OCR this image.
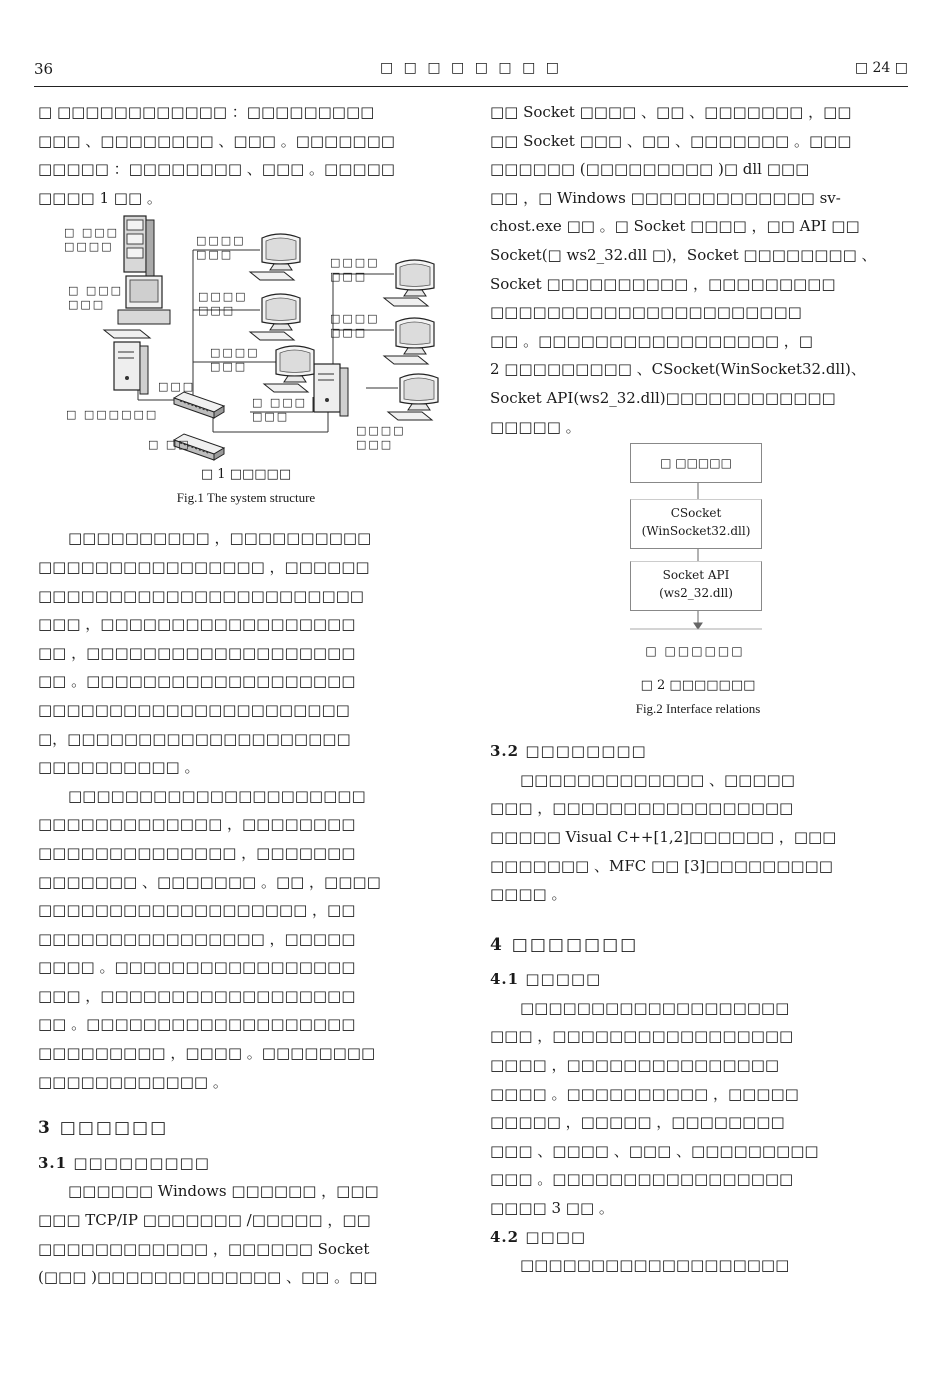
36	□ □ □ □ □ □ □ □	□ 24 □

□ □□□□□□□□□□□□ ：□□□□□□□□□
□□□ 、□□□□□□□□ 、□□□ 。□□□□□□□
□□□□□ ：□□□□□□□□ 、□□□ 。□□□□□
□□□□ 1 □□ 。

□ □□□
□□□□
□ □□□
□□□
□□□□
□□□
□□□□
□□□
□□□□
□□□
□□□□
□□□
□□□□
□□□
□ □□□
□□□
□□□□
□□□
□□□
□ □□
□ □□□□□□
□ 1 □□□□□
Fig.1 The system structure

□□□□□□□□□□ ，□□□□□□□□□□
□□□□□□□□□□□□□□□□ ，□□□□□□
□□□□□□□□□□□□□□□□□□□□□□□
□□□ ，□□□□□□□□□□□□□□□□□□
□□ ，□□□□□□□□□□□□□□□□□□□
□□ 。□□□□□□□□□□□□□□□□□□□
□□□□□□□□□□□□□□□□□□□□□□
□，□□□□□□□□□□□□□□□□□□□□
□□□□□□□□□□ 。

□□□□□□□□□□□□□□□□□□□□□
□□□□□□□□□□□□□ ，□□□□□□□□
□□□□□□□□□□□□□□ ，□□□□□□□
□□□□□□□ 、□□□□□□□ 。□□ ，□□□□
□□□□□□□□□□□□□□□□□□□ ，□□
□□□□□□□□□□□□□□□□ ，□□□□□
□□□□ 。□□□□□□□□□□□□□□□□□
□□□ ，□□□□□□□□□□□□□□□□□□
□□ 。□□□□□□□□□□□□□□□□□□□
□□□□□□□□□ ，□□□□ 。□□□□□□□□
□□□□□□□□□□□□ 。

3 □□□□□□
3.1 □□□□□□□□□

□□□□□□ Windows □□□□□□ ，□□□
□□□ TCP/IP □□□□□□□ /□□□□□ ，□□
□□□□□□□□□□□□ ，□□□□□□ Socket
(□□□ )□□□□□□□□□□□□□ 、□□ 。□□

□□ Socket □□□□ 、□□ 、□□□□□□□ ，□□
□□ Socket □□□ 、□□ 、□□□□□□□ 。□□□
□□□□□□ (□□□□□□□□□ )□ dll □□□
□□ ，□ Windows □□□□□□□□□□□□□ sv-
chost.exe □□ 。□ Socket □□□□ ，□□ API □□
Socket(□ ws2_32.dll □)，Socket □□□□□□□□ 、
Socket □□□□□□□□□□ ，□□□□□□□□□
□□□□□□□□□□□□□□□□□□□□□□
□□ 。□□□□□□□□□□□□□□□□□ ，□
2 □□□□□□□□□ 、CSocket(WinSocket32.dll)、
Socket API(ws2_32.dll)□□□□□□□□□□□□
□□□□□ 。

□ □□□□□
CSocket
(WinSocket32.dll)
Socket API
(ws2_32.dll)
□ □□□□□□
□ 2 □□□□□□□
Fig.2 Interface relations
3.2 □□□□□□□□

□□□□□□□□□□□□□ 、□□□□□
□□□ ，□□□□□□□□□□□□□□□□□
□□□□□ Visual C++[1,2]□□□□□□ ，□□□
□□□□□□□ 、MFC □□ [3]□□□□□□□□□
□□□□ 。

4 □□□□□□□
4.1 □□□□□

□□□□□□□□□□□□□□□□□□□
□□□ ，□□□□□□□□□□□□□□□□□
□□□□ ，□□□□□□□□□□□□□□□
□□□□ 。□□□□□□□□□□ ，□□□□□
□□□□□ ，□□□□□ ，□□□□□□□□
□□□ 、□□□□ 、□□□ 、□□□□□□□□□
□□□ 。□□□□□□□□□□□□□□□□□
□□□□ 3 □□ 。

4.2 □□□□

□□□□□□□□□□□□□□□□□□□
